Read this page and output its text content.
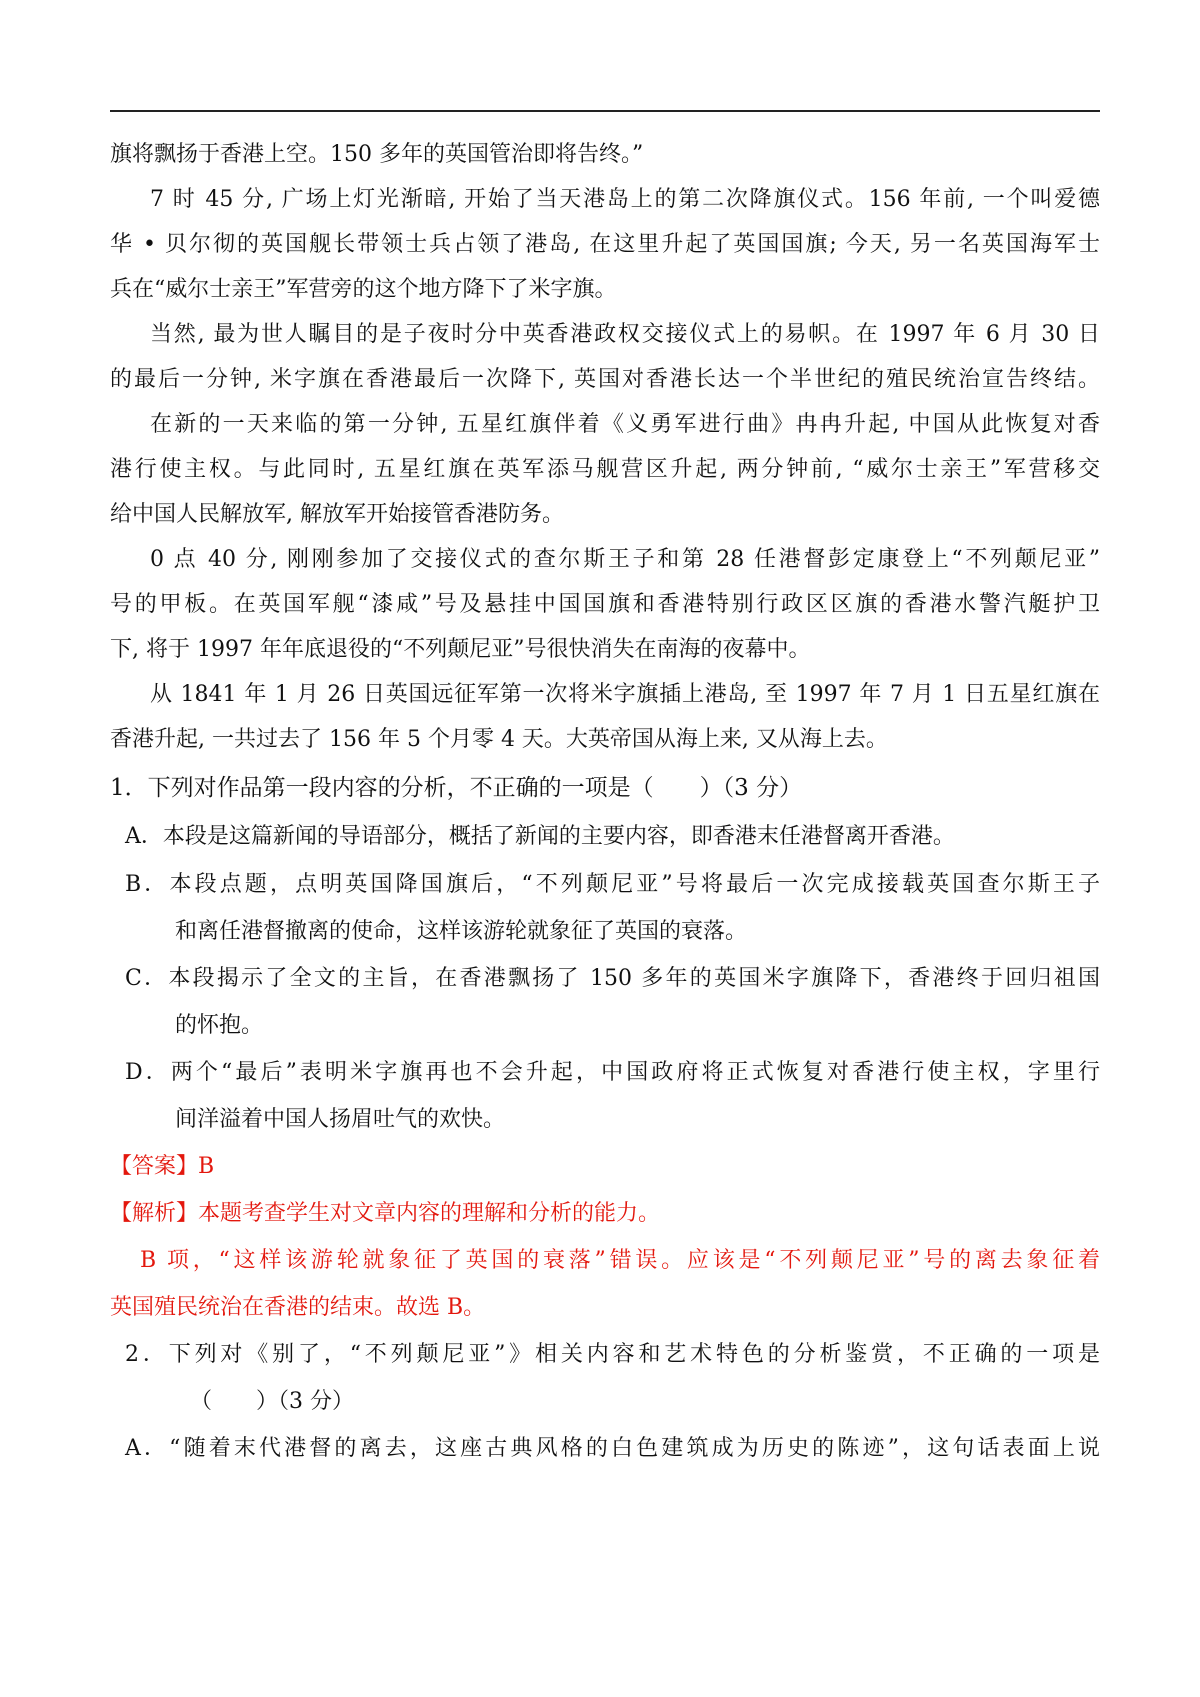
旗将飘扬于香港上空。150 多年的英国管治即将告终。”
7 时 45 分, 广场上灯光渐暗, 开始了当天港岛上的第二次降旗仪式。156 年前, 一个叫爱德
华 • 贝尔彻的英国舰长带领士兵占领了港岛, 在这里升起了英国国旗; 今天, 另一名英国海军士
兵在“威尔士亲王”军营旁的这个地方降下了米字旗。
当然, 最为世人瞩目的是子夜时分中英香港政权交接仪式上的易帜。在 1997 年 6 月 30 日
的最后一分钟, 米字旗在香港最后一次降下, 英国对香港长达一个半世纪的殖民统治宣告终结。
在新的一天来临的第一分钟, 五星红旗伴着《义勇军进行曲》冉冉升起, 中国从此恢复对香
港行使主权。与此同时, 五星红旗在英军添马舰营区升起, 两分钟前, “威尔士亲王”军营移交
给中国人民解放军, 解放军开始接管香港防务。
0 点 40 分, 刚刚参加了交接仪式的查尔斯王子和第 28 任港督彭定康登上“不列颠尼亚”
号的甲板。在英国军舰“漆咸”号及悬挂中国国旗和香港特别行政区区旗的香港水警汽艇护卫
下, 将于 1997 年年底退役的“不列颠尼亚”号很快消失在南海的夜幕中。
从 1841 年 1 月 26 日英国远征军第一次将米字旗插上港岛, 至 1997 年 7 月 1 日五星红旗在
香港升起, 一共过去了 156 年 5 个月零 4 天。大英帝国从海上来, 又从海上去。
1．下列对作品第一段内容的分析，不正确的一项是（　　）（3 分）
A．本段是这篇新闻的导语部分，概括了新闻的主要内容，即香港末任港督离开香港。
B．本段点题，点明英国降国旗后，“不列颠尼亚”号将最后一次完成接载英国查尔斯王子
和离任港督撤离的使命，这样该游轮就象征了英国的衰落。
C．本段揭示了全文的主旨，在香港飘扬了 150 多年的英国米字旗降下，香港终于回归祖国
的怀抱。
D．两个“最后”表明米字旗再也不会升起，中国政府将正式恢复对香港行使主权，字里行
间洋溢着中国人扬眉吐气的欢快。
【答案】B
【解析】本题考查学生对文章内容的理解和分析的能力。
B 项，“这样该游轮就象征了英国的衰落”错误。应该是“不列颠尼亚”号的离去象征着
英国殖民统治在香港的结束。故选 B。
2．下列对《别了，“不列颠尼亚”》相关内容和艺术特色的分析鉴赏，不正确的一项是
（　　）（3 分）
A．“随着末代港督的离去，这座古典风格的白色建筑成为历史的陈迹”，这句话表面上说
